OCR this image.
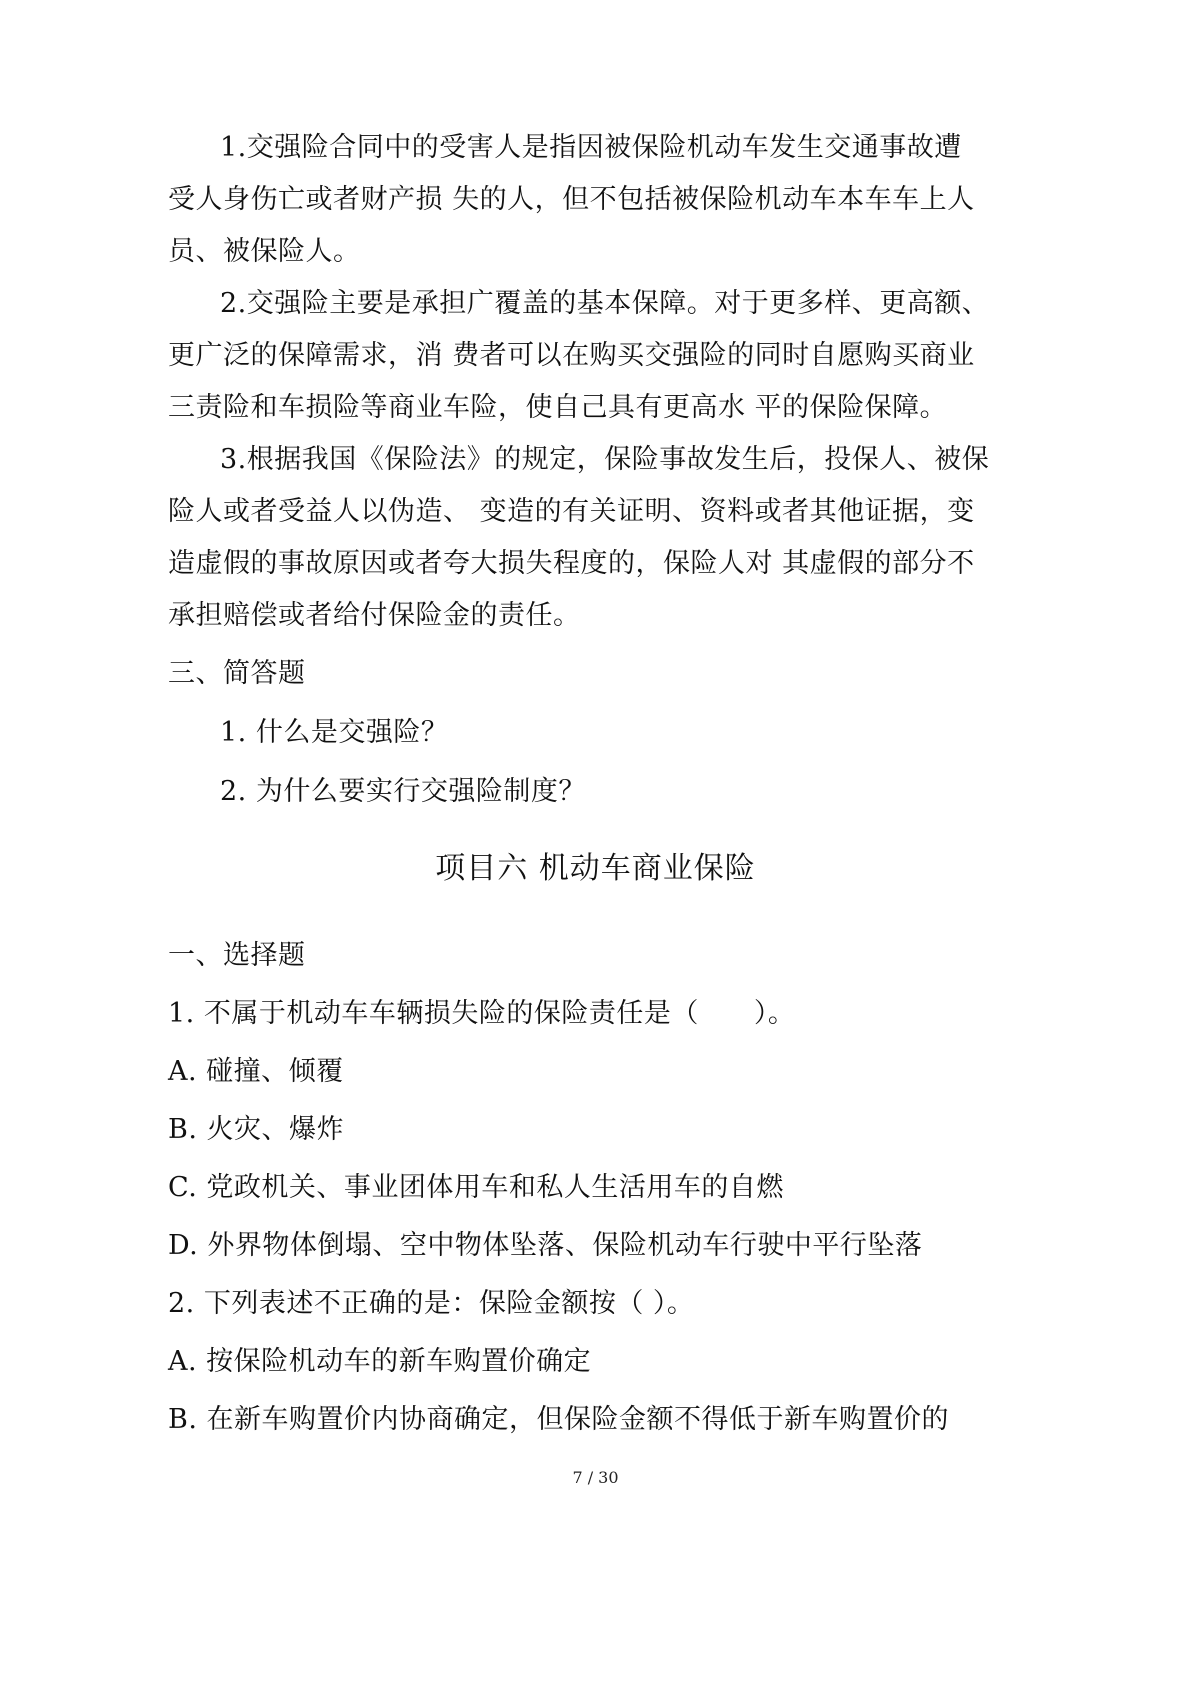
1.交强险合同中的受害人是指因被保险机动车发生交通事故遭
受人身伤亡或者财产损 失的人，但不包括被保险机动车本车车上人
员、被保险人。
2.交强险主要是承担广覆盖的基本保障。对于更多样、更高额、
更广泛的保障需求，消 费者可以在购买交强险的同时自愿购买商业
三责险和车损险等商业车险，使自己具有更高水 平的保险保障。
3.根据我国《保险法》的规定，保险事故发生后，投保人、被保
险人或者受益人以伪造、 变造的有关证明、资料或者其他证据，变
造虚假的事故原因或者夸大损失程度的，保险人对 其虚假的部分不
承担赔偿或者给付保险金的责任。
三、简答题
1. 什么是交强险？
2. 为什么要实行交强险制度？
项目六 机动车商业保险
一、选择题
1. 不属于机动车车辆损失险的保险责任是（　　）。
A. 碰撞、倾覆
B. 火灾、爆炸
C. 党政机关、事业团体用车和私人生活用车的自燃
D. 外界物体倒塌、空中物体坠落、保险机动车行驶中平行坠落
2. 下列表述不正确的是：保险金额按（ ）。
A. 按保险机动车的新车购置价确定
B. 在新车购置价内协商确定，但保险金额不得低于新车购置价的
7 / 30
